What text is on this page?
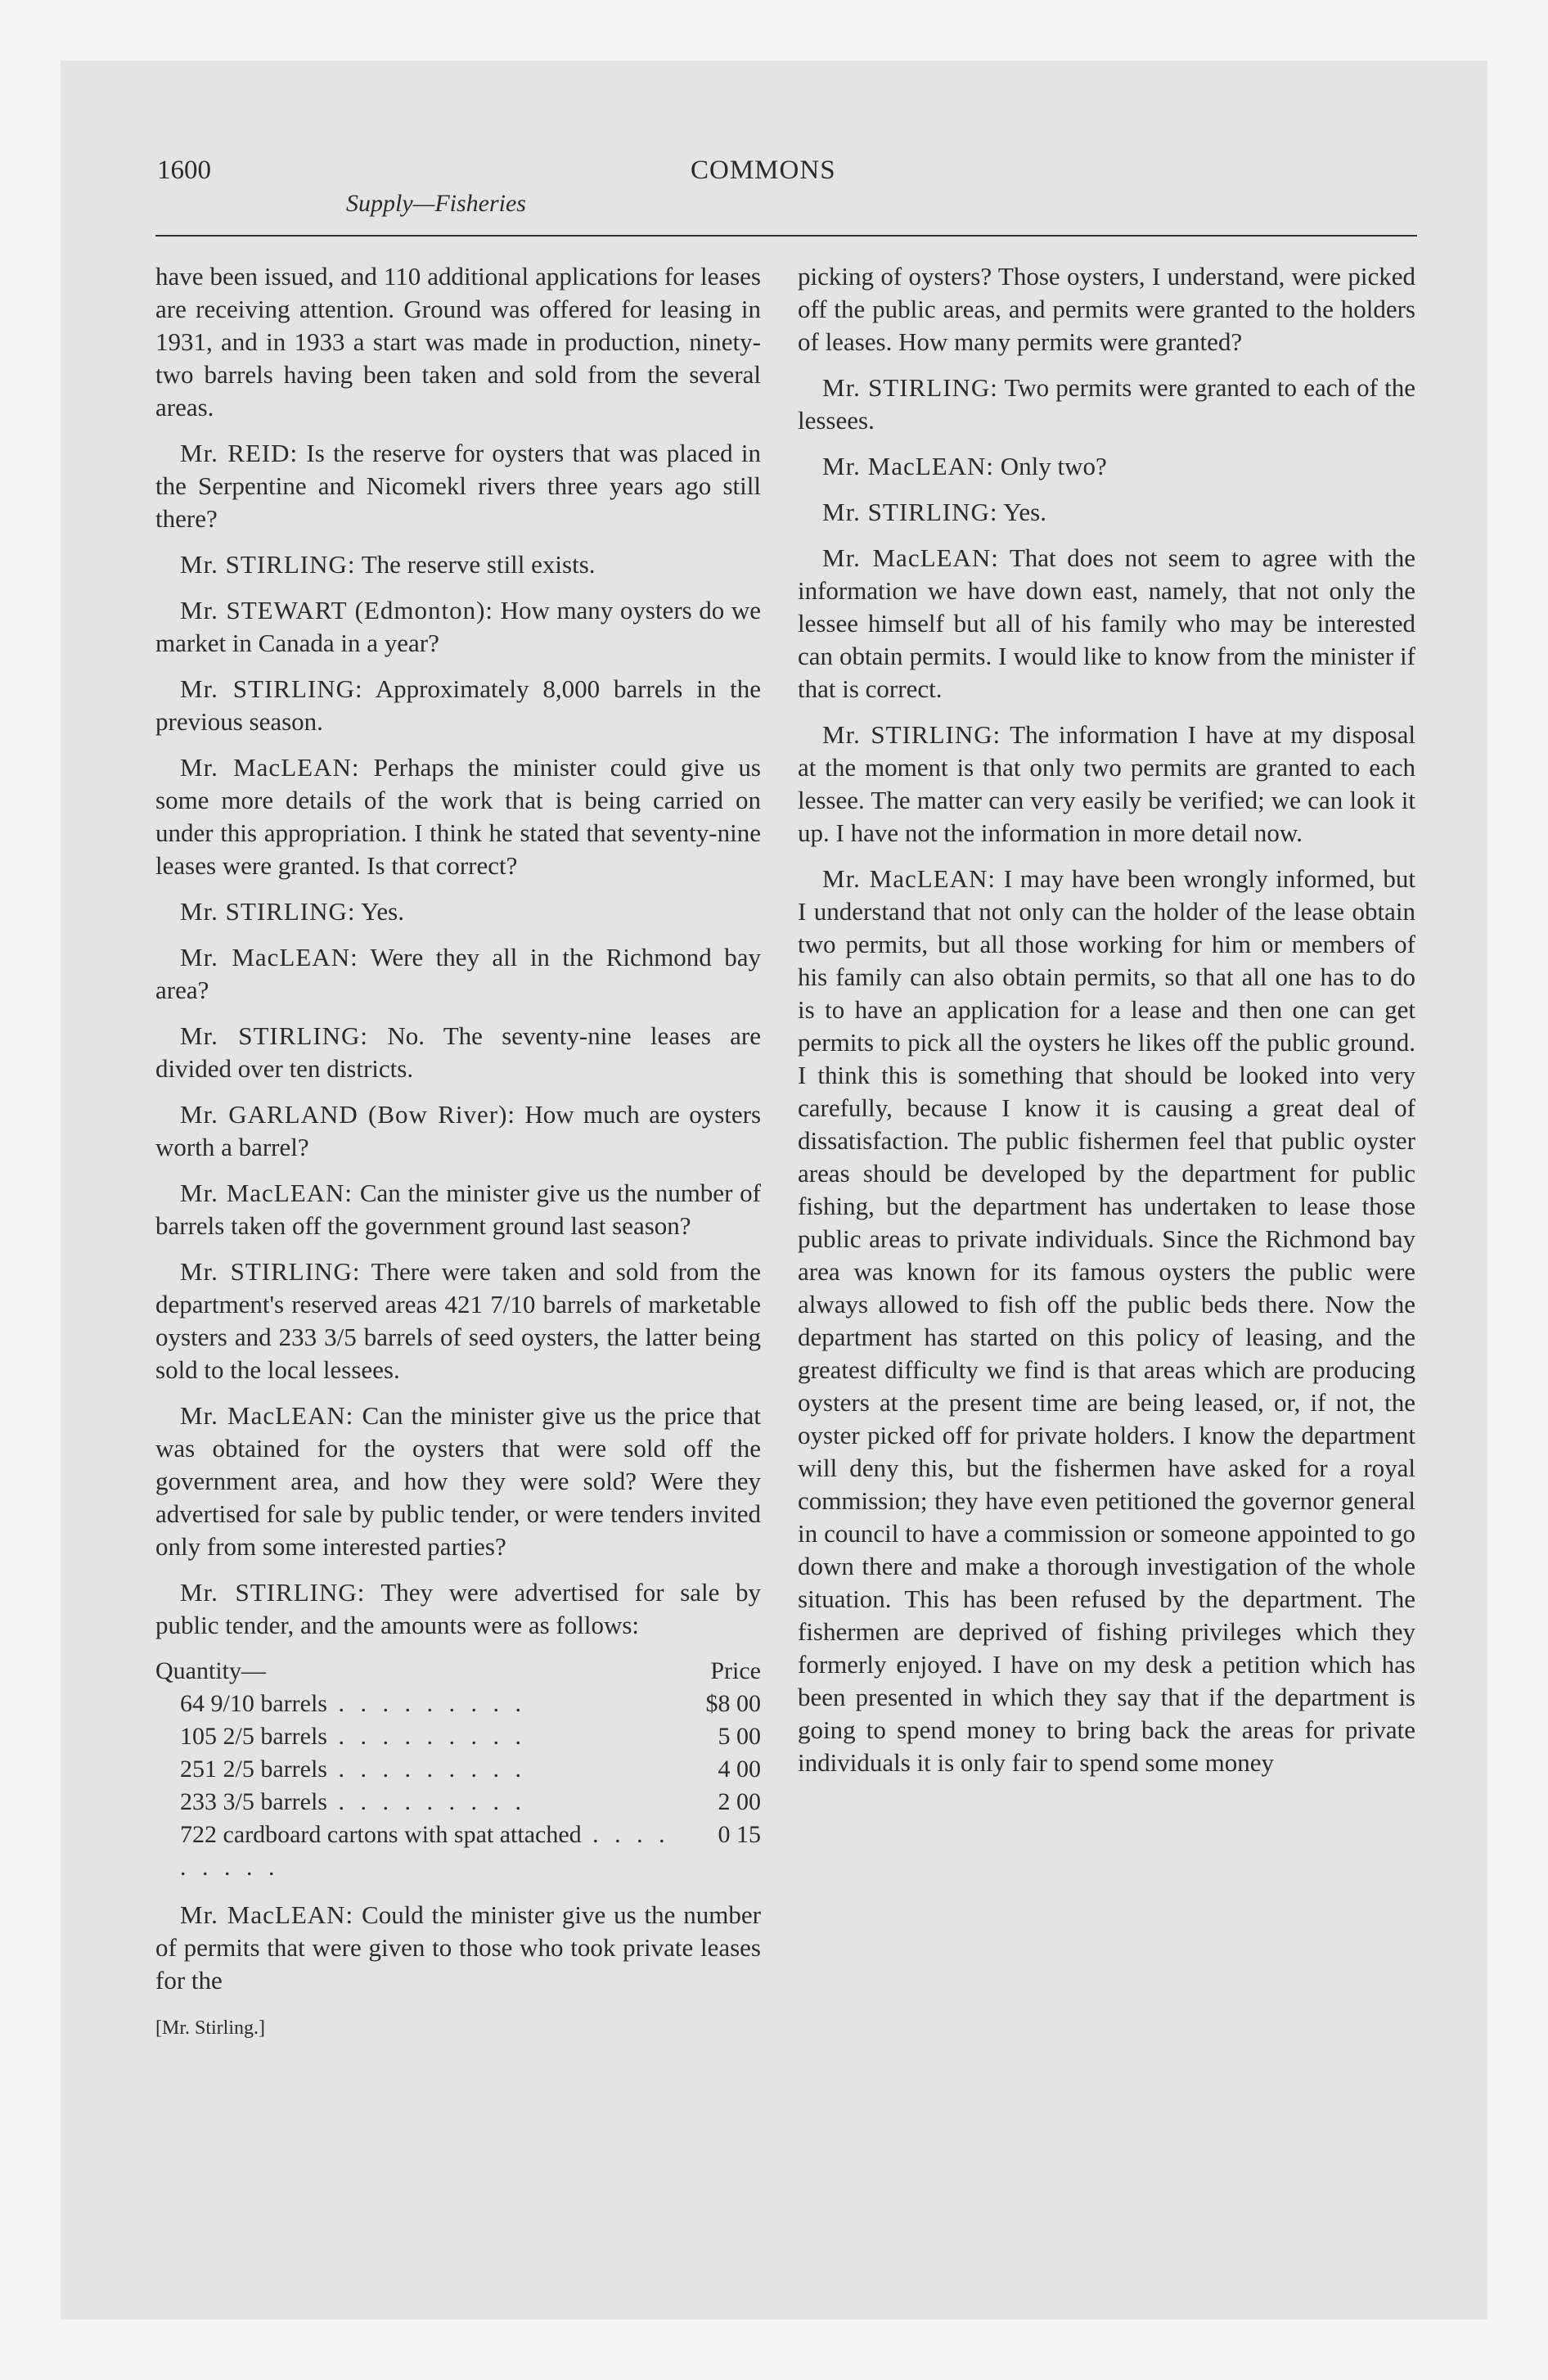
1600	COMMONS
Supply—Fisheries

have been issued, and 110 additional applications for leases are receiving attention. Ground was offered for leasing in 1931, and in 1933 a start was made in production, ninety-two barrels having been taken and sold from the several areas.

Mr. REID: Is the reserve for oysters that was placed in the Serpentine and Nicomekl rivers three years ago still there?

Mr. STIRLING: The reserve still exists.

Mr. STEWART (Edmonton): How many oysters do we market in Canada in a year?

Mr. STIRLING: Approximately 8,000 barrels in the previous season.

Mr. MacLEAN: Perhaps the minister could give us some more details of the work that is being carried on under this appropriation. I think he stated that seventy-nine leases were granted. Is that correct?

Mr. STIRLING: Yes.

Mr. MacLEAN: Were they all in the Richmond bay area?

Mr. STIRLING: No. The seventy-nine leases are divided over ten districts.

Mr. GARLAND (Bow River): How much are oysters worth a barrel?

Mr. MacLEAN: Can the minister give us the number of barrels taken off the government ground last season?

Mr. STIRLING: There were taken and sold from the department's reserved areas 421 7/10 barrels of marketable oysters and 233 3/5 barrels of seed oysters, the latter being sold to the local lessees.

Mr. MacLEAN: Can the minister give us the price that was obtained for the oysters that were sold off the government area, and how they were sold? Were they advertised for sale by public tender, or were tenders invited only from some interested parties?

Mr. STIRLING: They were advertised for sale by public tender, and the amounts were as follows:

Quantity—	Price
64 9/10 barrels . . . . . . . . .	$8 00
105 2/5 barrels . . . . . . . . .	5 00
251 2/5 barrels . . . . . . . . .	4 00
233 3/5 barrels . . . . . . . . .	2 00
722 cardboard cartons with spat attached . . . . . . . . .	0 15

Mr. MacLEAN: Could the minister give us the number of permits that were given to those who took private leases for the

[Mr. Stirling.]

picking of oysters? Those oysters, I understand, were picked off the public areas, and permits were granted to the holders of leases. How many permits were granted?

Mr. STIRLING: Two permits were granted to each of the lessees.

Mr. MacLEAN: Only two?

Mr. STIRLING: Yes.

Mr. MacLEAN: That does not seem to agree with the information we have down east, namely, that not only the lessee himself but all of his family who may be interested can obtain permits. I would like to know from the minister if that is correct.

Mr. STIRLING: The information I have at my disposal at the moment is that only two permits are granted to each lessee. The matter can very easily be verified; we can look it up. I have not the information in more detail now.

Mr. MacLEAN: I may have been wrongly informed, but I understand that not only can the holder of the lease obtain two permits, but all those working for him or members of his family can also obtain permits, so that all one has to do is to have an application for a lease and then one can get permits to pick all the oysters he likes off the public ground. I think this is something that should be looked into very carefully, because I know it is causing a great deal of dissatisfaction. The public fishermen feel that public oyster areas should be developed by the department for public fishing, but the department has undertaken to lease those public areas to private individuals. Since the Richmond bay area was known for its famous oysters the public were always allowed to fish off the public beds there. Now the department has started on this policy of leasing, and the greatest difficulty we find is that areas which are producing oysters at the present time are being leased, or, if not, the oyster picked off for private holders. I know the department will deny this, but the fishermen have asked for a royal commission; they have even petitioned the governor general in council to have a commission or someone appointed to go down there and make a thorough investigation of the whole situation. This has been refused by the department. The fishermen are deprived of fishing privileges which they formerly enjoyed. I have on my desk a petition which has been presented in which they say that if the department is going to spend money to bring back the areas for private individuals it is only fair to spend some money
